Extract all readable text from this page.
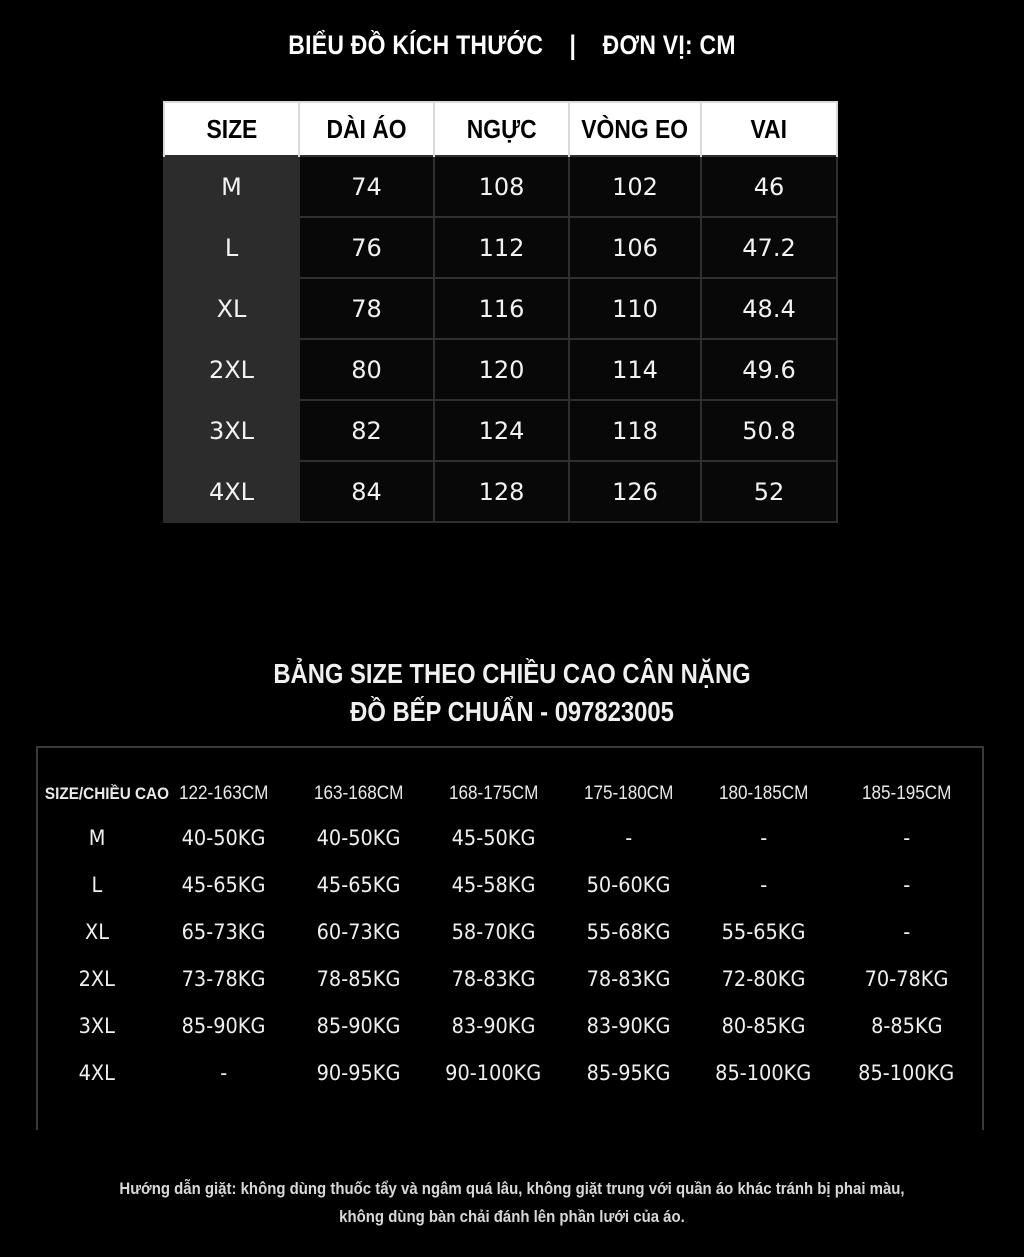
BIỂU ĐỒ KÍCH THƯỚC | ĐƠN VỊ: CM
SIZE	DÀI ÁO	NGỰC	VÒNG EO	VAI
M	74	108	102	46
L	76	112	106	47.2
XL	78	116	110	48.4
2XL	80	120	114	49.6
3XL	82	124	118	50.8
4XL	84	128	126	52
BẢNG SIZE THEO CHIỀU CAO CÂN NẶNG
ĐỒ BẾP CHUẨN - 097823005
SIZE/CHIỀU CAO	122-163CM	163-168CM	168-175CM	175-180CM	180-185CM	185-195CM
M	40-50KG	40-50KG	45-50KG	-	-	-
L	45-65KG	45-65KG	45-58KG	50-60KG	-	-
XL	65-73KG	60-73KG	58-70KG	55-68KG	55-65KG	-
2XL	73-78KG	78-85KG	78-83KG	78-83KG	72-80KG	70-78KG
3XL	85-90KG	85-90KG	83-90KG	83-90KG	80-85KG	8-85KG
4XL	-	90-95KG	90-100KG	85-95KG	85-100KG	85-100KG
Hướng dẫn giặt: không dùng thuốc tẩy và ngâm quá lâu, không giặt trung với quần áo khác tránh bị phai màu,
không dùng bàn chải đánh lên phần lưới của áo.
